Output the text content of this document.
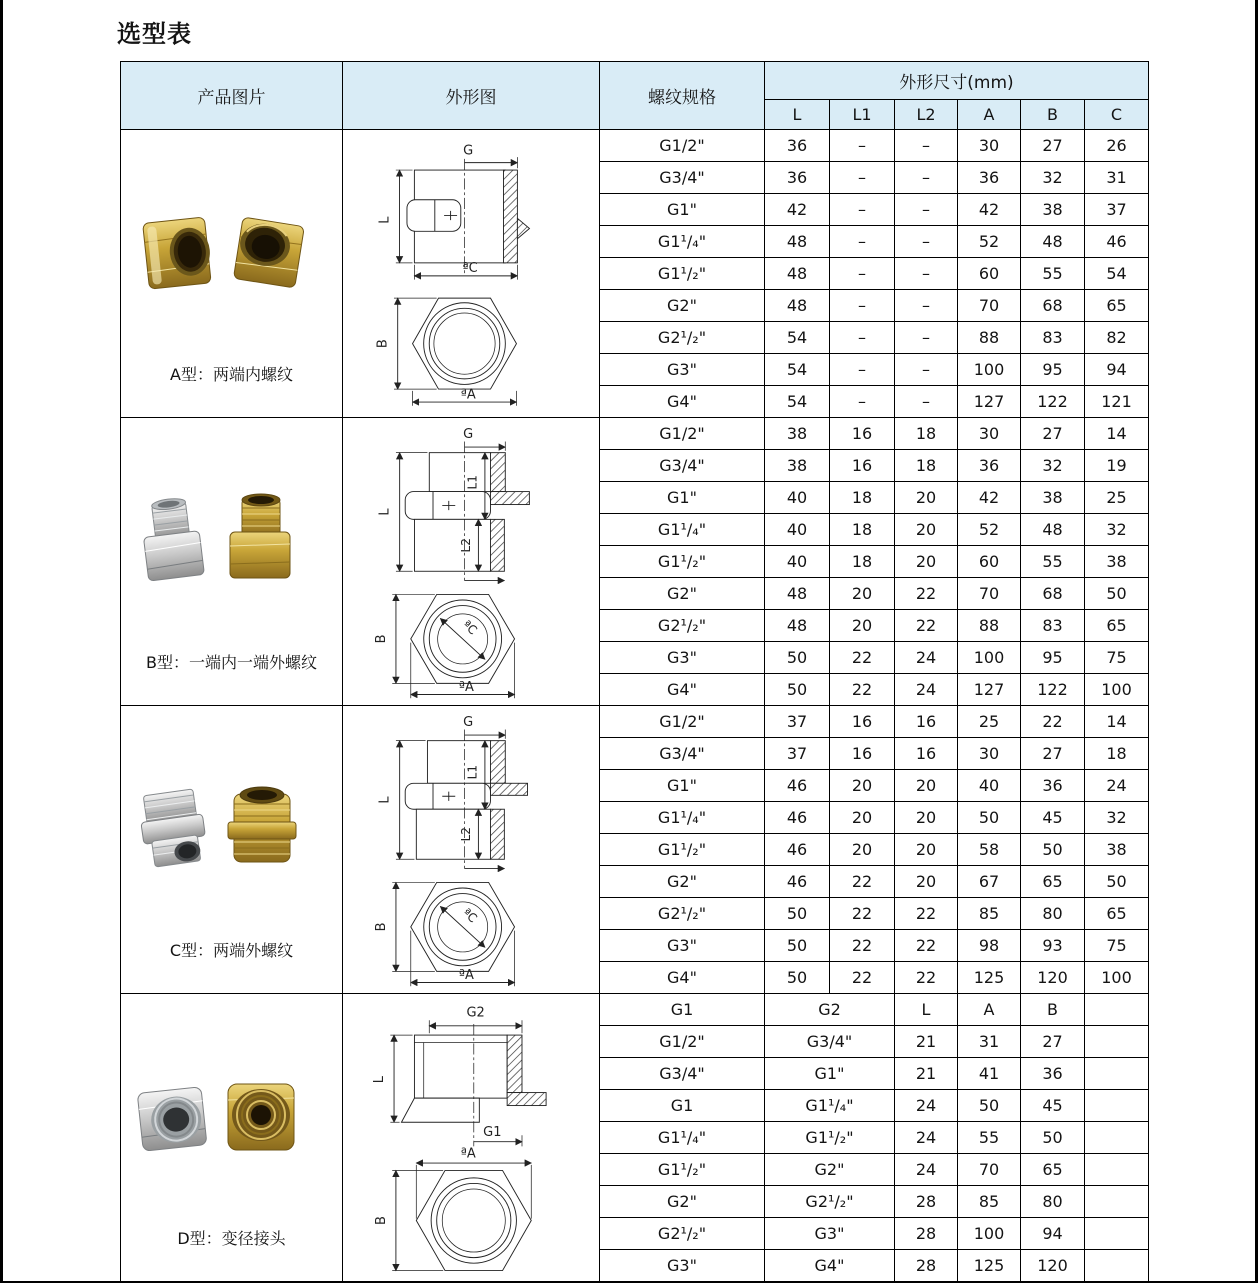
选型表
产品图片	外形图	螺纹规格	外形尺寸(mm)					
			L	L1	L2	A	B	C

A型：两端内螺纹	G
L
ªC
B
ªA	G1/2"	36	–	–	30	27	26
		G3/4"	36	–	–	36	32	31
		G1"	42	–	–	42	38	37
		G1¹/₄"	48	–	–	52	48	46
		G1¹/₂"	48	–	–	60	55	54
		G2"	48	–	–	70	68	65
		G2¹/₂"	54	–	–	88	83	82
		G3"	54	–	–	100	95	94
		G4"	54	–	–	127	122	121

B型：一端内一端外螺纹

G
L
L1
L2
ªC
B
ªA
	G1/2"	38	16	18	30	27	14
		G3/4"	38	16	18	36	32	19
		G1"	40	18	20	42	38	25
		G1¹/₄"	40	18	20	52	48	32
		G1¹/₂"	40	18	20	60	55	38
		G2"	48	20	22	70	68	50
		G2¹/₂"	48	20	22	88	83	65
		G3"	50	22	24	100	95	75
		G4"	50	22	24	127	122	100

C型：两端外螺纹

G
L
L1
L2
ªC
B
ªA
	G1/2"	37	16	16	25	22	14
		G3/4"	37	16	16	30	27	18
		G1"	46	20	20	40	36	24
		G1¹/₄"	46	20	20	50	45	32
		G1¹/₂"	46	20	20	58	50	38
		G2"	46	22	20	67	65	50
		G2¹/₂"	50	22	22	85	80	65
		G3"	50	22	22	98	93	75
		G4"	50	22	22	125	120	100

D型：变径接头	G2
L
G1
ªA
B	G1	G2		L	A	B	
		G1/2"	G3/4"		21	31	27	
		G3/4"	G1"		21	41	36	
		G1	G1¹/₄"		24	50	45	
		G1¹/₄"	G1¹/₂"		24	55	50	
		G1¹/₂"	G2"		24	70	65	
		G2"	G2¹/₂"		28	85	80	
		G2¹/₂"	G3"		28	100	94	
		G3"	G4"		28	125	120	
